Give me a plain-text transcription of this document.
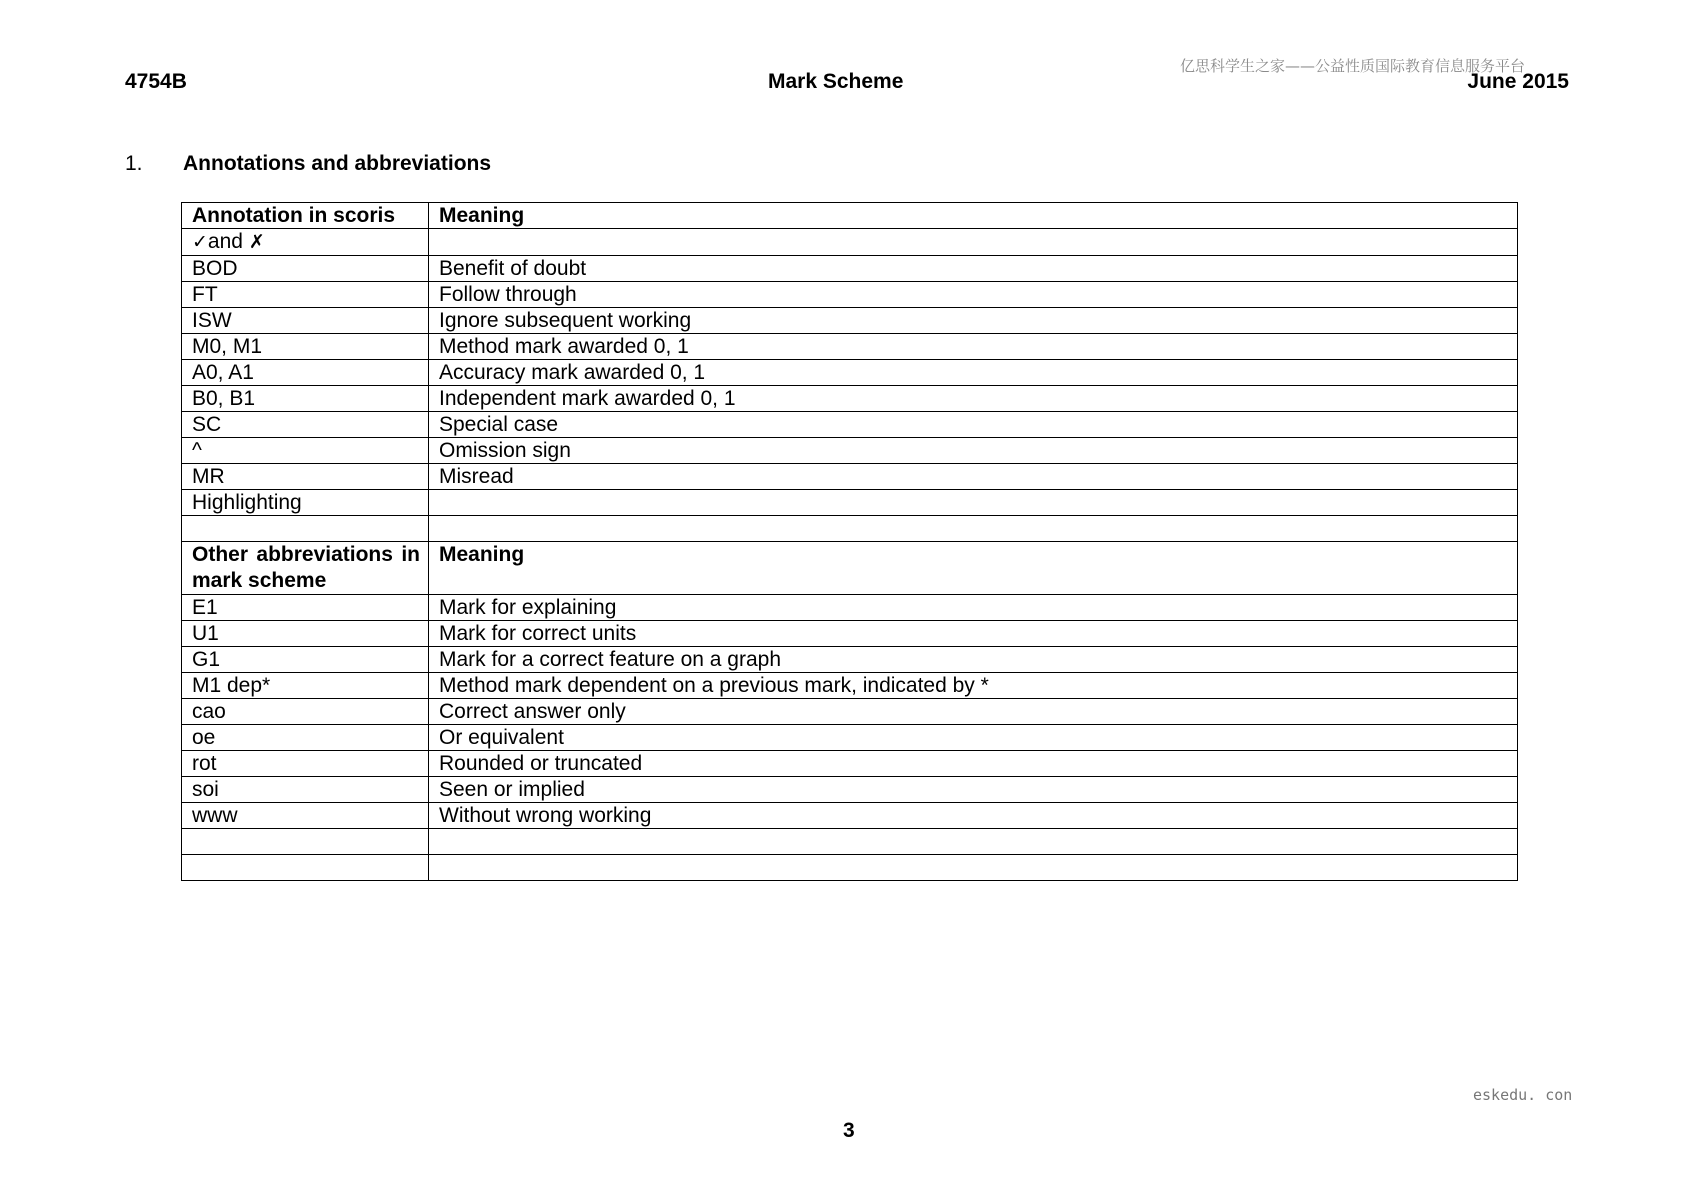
亿思科学生之家——公益性质国际教育信息服务平台
4754B	Mark Scheme	June 2015
1. Annotations and abbreviations
Annotation in scoris	Meaning
✓and ✗	
BOD	Benefit of doubt
FT	Follow through
ISW	Ignore subsequent working
M0, M1	Method mark awarded 0, 1
A0, A1	Accuracy mark awarded 0, 1
B0, B1	Independent mark awarded 0, 1
SC	Special case
^	Omission sign
MR	Misread
Highlighting	

Other abbreviations in mark scheme	Meaning
E1	Mark for explaining
U1	Mark for correct units
G1	Mark for a correct feature on a graph
M1 dep*	Method mark dependent on a previous mark, indicated by *
cao	Correct answer only
oe	Or equivalent
rot	Rounded or truncated
soi	Seen or implied
www	Without wrong working

eskedu. con
3
